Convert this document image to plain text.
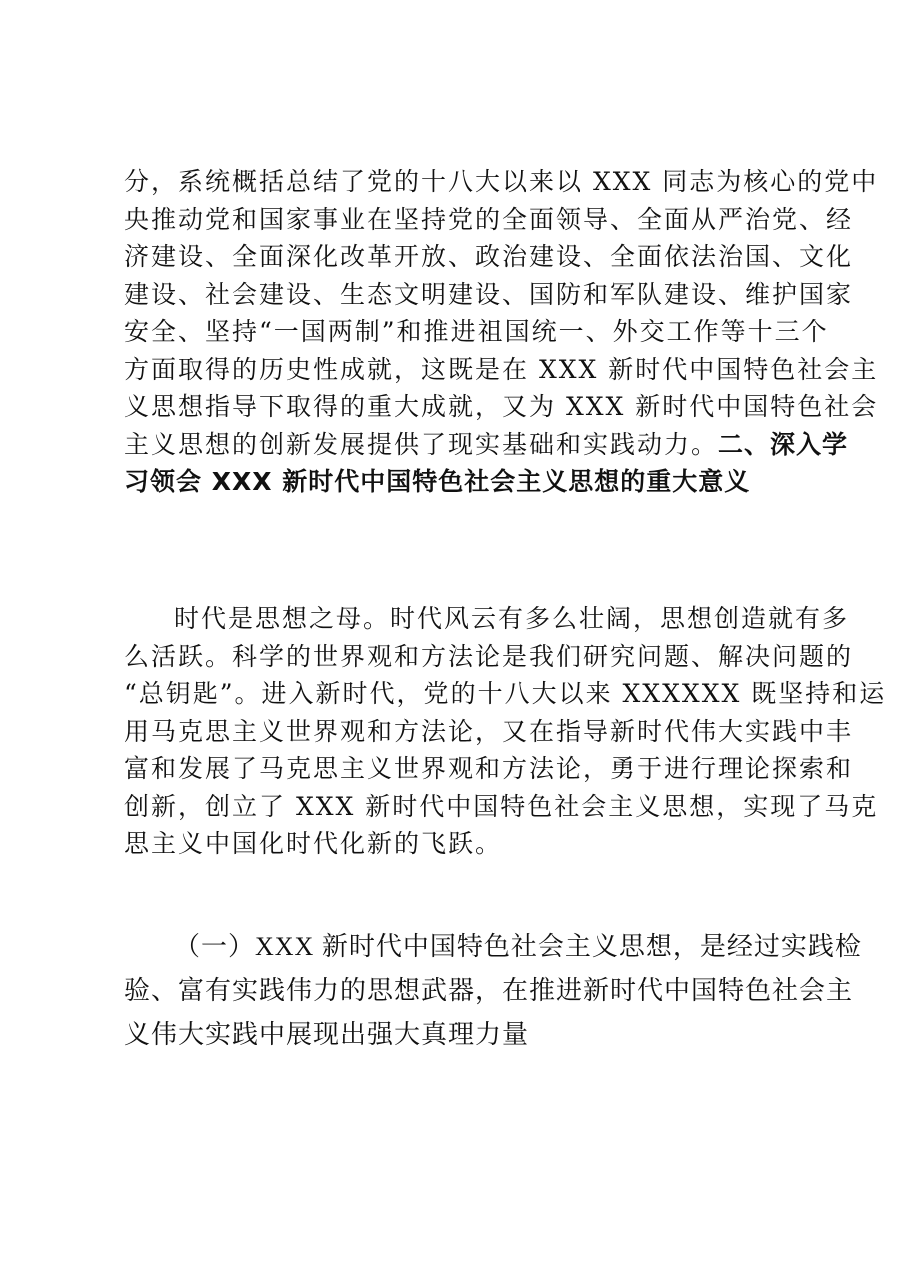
分，系统概括总结了党的十八大以来以 XXX 同志为核心的党中
央推动党和国家事业在坚持党的全面领导、全面从严治党、经
济建设、全面深化改革开放、政治建设、全面依法治国、文化
建设、社会建设、生态文明建设、国防和军队建设、维护国家
安全、坚持“一国两制”和推进祖国统一、外交工作等十三个
方面取得的历史性成就，这既是在 XXX 新时代中国特色社会主
义思想指导下取得的重大成就，又为 XXX 新时代中国特色社会
主义思想的创新发展提供了现实基础和实践动力。二、深入学
习领会 XXX 新时代中国特色社会主义思想的重大意义
时代是思想之母。时代风云有多么壮阔，思想创造就有多
么活跃。科学的世界观和方法论是我们研究问题、解决问题的
“总钥匙”。进入新时代，党的十八大以来 XXXXXX 既坚持和运
用马克思主义世界观和方法论，又在指导新时代伟大实践中丰
富和发展了马克思主义世界观和方法论，勇于进行理论探索和
创新，创立了 XXX 新时代中国特色社会主义思想，实现了马克
思主义中国化时代化新的飞跃。
（一）XXX 新时代中国特色社会主义思想，是经过实践检
验、富有实践伟力的思想武器，在推进新时代中国特色社会主
义伟大实践中展现出强大真理力量
